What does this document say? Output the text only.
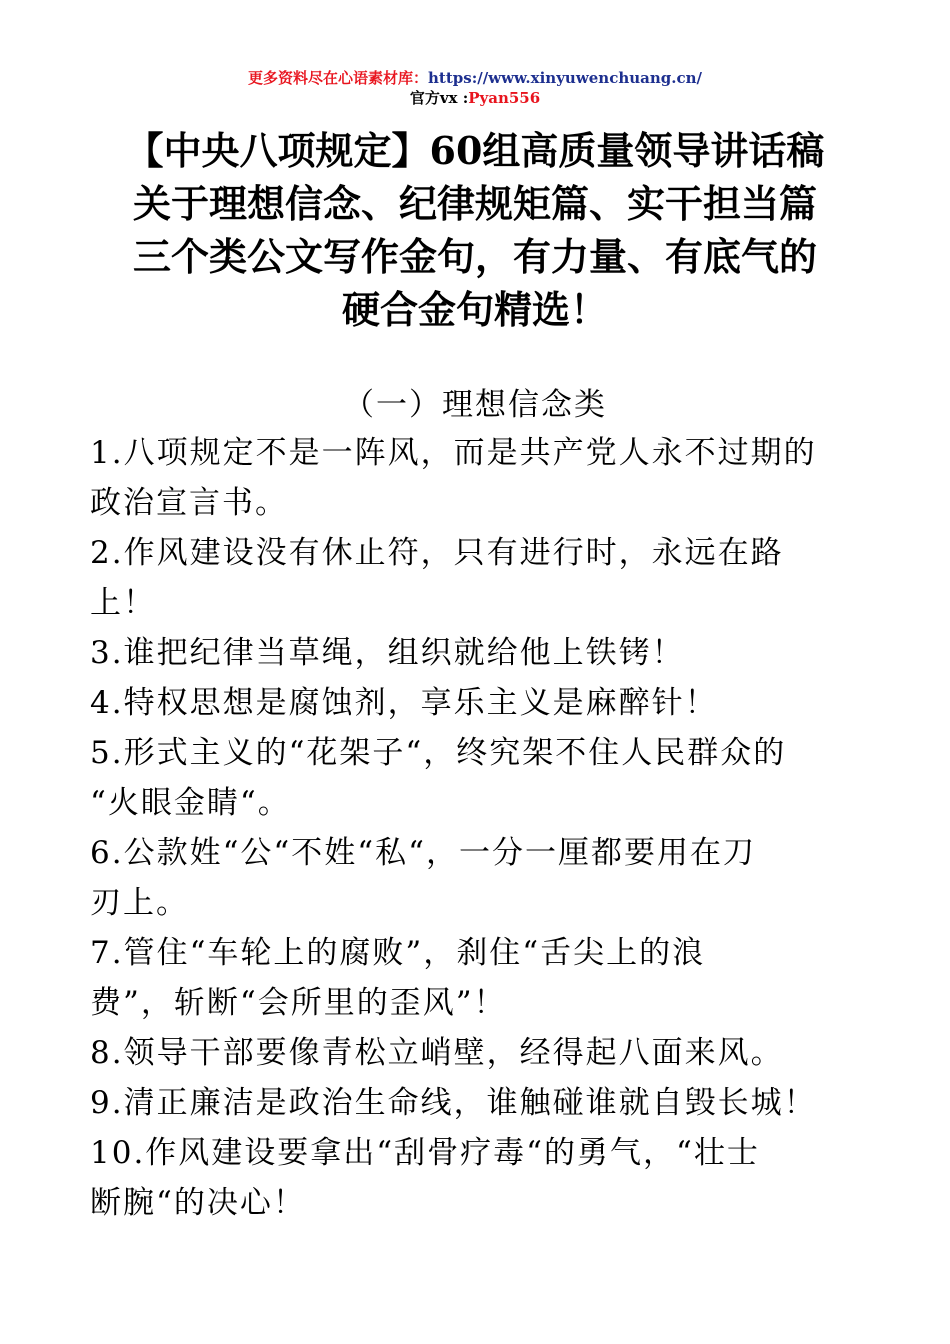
更多资料尽在心语素材库：https://www.xinyuwenchuang.cn/
官方vx :Pyan556
【中央八项规定】60组高质量领导讲话稿
关于理想信念、纪律规矩篇、实干担当篇
三个类公文写作金句，有力量、有底气的
硬合金句精选！
（一）理想信念类
1.八项规定不是一阵风，而是共产党人永不过期的
政治宣言书。
2.作风建设没有休止符，只有进行时，永远在路
上！
3.谁把纪律当草绳，组织就给他上铁铐！
4.特权思想是腐蚀剂，享乐主义是麻醉针！
5.形式主义的“花架子“，终究架不住人民群众的
“火眼金睛“。
6.公款姓“公“不姓“私“，一分一厘都要用在刀
刃上。
7.管住“车轮上的腐败”，刹住“舌尖上的浪
费”，斩断“会所里的歪风”！
8.领导干部要像青松立峭壁，经得起八面来风。
9.清正廉洁是政治生命线，谁触碰谁就自毁长城！
10.作风建设要拿出“刮骨疗毒“的勇气，“壮士
断腕“的决心！
